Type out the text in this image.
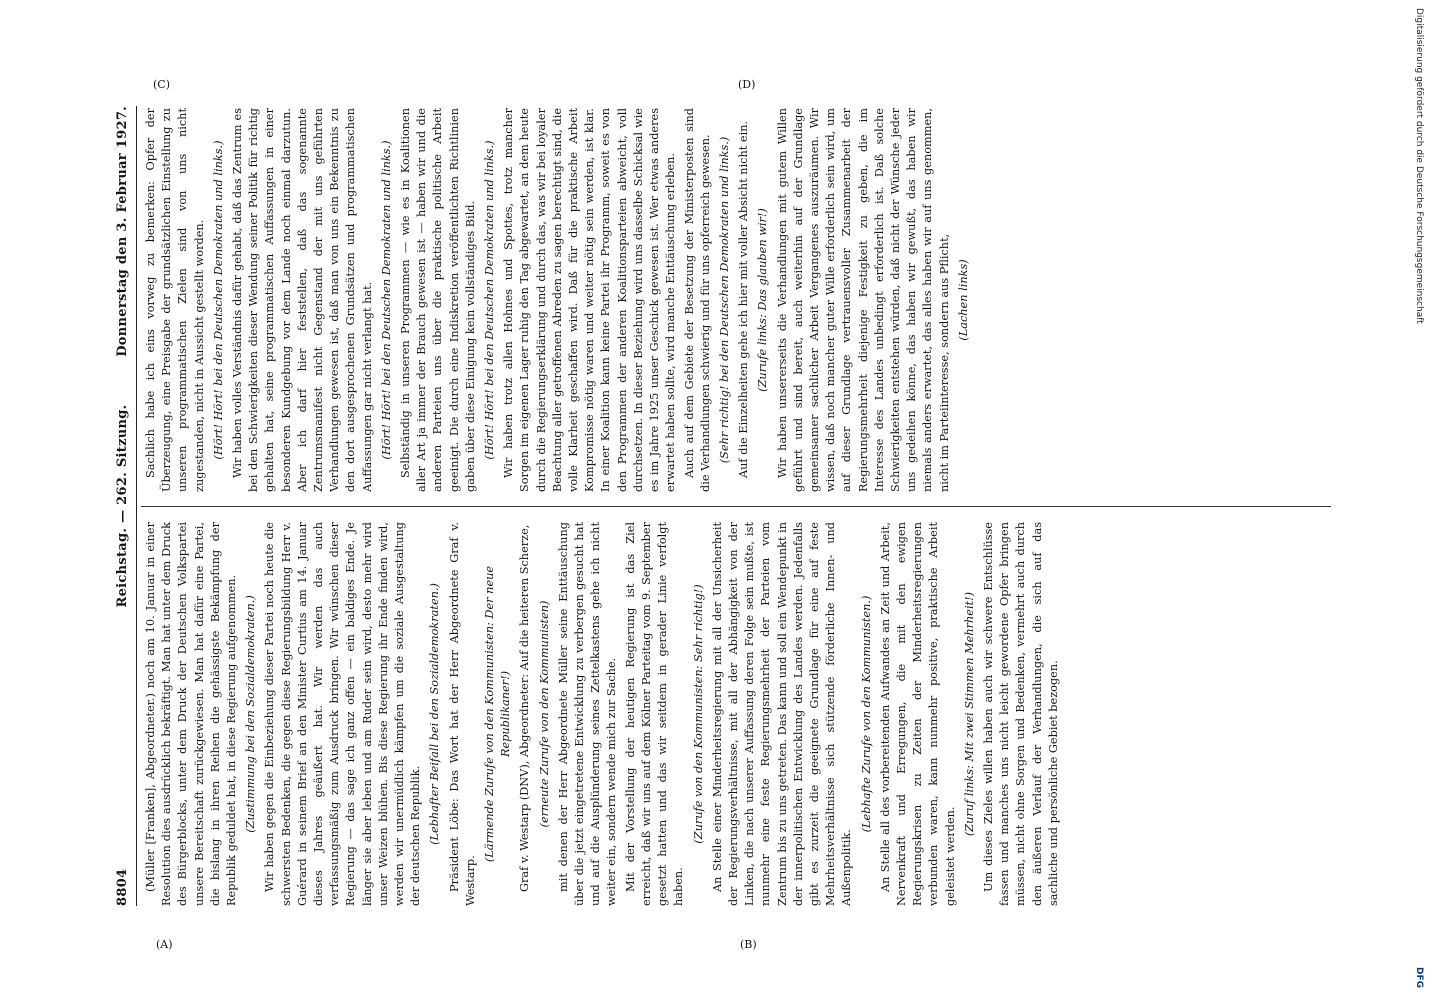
8804
Reichstag. — 262. Sitzung.
Donnerstag den 3. Februar 1927.

(Müller [Franken], Abgeordneter.) noch am 10. Januar in einer Resolution dies ausdrücklich bekräftigt. Man hat unter dem Druck des Bürgerblocks, unter dem Druck der Deutschen Volkspartei unsere Bereitschaft zurückgewiesen. Man hat dafür eine Partei, die bislang in ihren Reihen die gehässigste Bekämpfung der Republik geduldet hat, in diese Regierung aufgenommen. (Zustimmung bei den Sozialdemokraten.) Wir haben gegen die Einbeziehung dieser Partei noch heute die schwersten Bedenken, die gegen diese Regierungsbildung Herr v. Guérard in seinem Brief an den Minister Curtius am 14. Januar dieses Jahres geäußert hat. Wir werden das auch verfassungsmäßig zum Ausdruck bringen. Wir wünschen dieser Regierung — das sage ich ganz offen — ein baldiges Ende. Je länger sie aber leben und am Ruder sein wird, desto mehr wird unser Weizen blühen. Bis diese Regierung ihr Ende finden wird, werden wir unermüdlich kämpfen um die soziale Ausgestaltung der deutschen Republik. (Lebhafter Beifall bei den Sozialdemokraten.) Präsident Löbe: Das Wort hat der Herr Abgeordnete Graf v. Westarp.

(Lärmende Zurufe von den Kommunisten: Der neue Republikaner!) Graf v. Westarp (DNV), Abgeordneter: Auf die heiteren Scherze, (erneute Zurufe von den Kommunisten) mit denen der Herr Abgeordnete Müller seine Enttäuschung über die jetzt eingetretene Entwicklung zu verbergen gesucht hat und auf die Ausplünderung seines Zettelkastens gehe ich nicht weiter ein, sondern wende mich zur Sache. Mit der Vorstellung der heutigen Regierung ist das Ziel erreicht, daß wir uns auf dem Kölner Parteitag vom 9. September gesetzt hatten und das wir seitdem in gerader Linie verfolgt haben.

(Zurufe von den Kommunisten: Sehr richtig!) An Stelle einer Minderheitsregierung mit all der Unsicherheit der Regierungsverhältnisse, mit all der Abhängigkeit von der Linken, die nach unserer Auffassung deren Folge sein mußte, ist nunmehr eine feste Regierungsmehrheit der Parteien vom Zentrum bis zu uns getreten. Das kann und soll ein Wendepunkt in der innerpolitischen Entwicklung des Landes werden. Jedenfalls gibt es zurzeit die geeignete Grundlage für eine auf feste Mehrheitsverhältnisse sich stützende förderliche Innen- und Außenpolitik.

(Lebhafte Zurufe von den Kommunisten.) An Stelle all des vorbereitenden Aufwandes an Zeit und Arbeit, Nervenkraft und Erregungen, die mit den ewigen Regierungskrisen zu Zeiten der Minderheitsregierungen verbunden waren, kann nunmehr positive, praktische Arbeit geleistet werden.

(Zuruf links: Mit zwei Stimmen Mehrheit!) Um dieses Zieles willen haben auch wir schwere Entschlüsse fassen und manches uns nicht leicht gewordene Opfer bringen müssen, nicht ohne Sorgen und Bedenken, vermehrt auch durch den äußeren Verlauf der Verhandlungen, die sich auf das sachliche und persönliche Gebiet bezogen.

Sachlich habe ich eins vorweg zu bemerken: Opfer der Überzeugung, eine Preisgabe der grundsätzlichen Einstellung zu unseren programmatischen Zielen sind von uns nicht zugestanden, nicht in Aussicht gestellt worden. (Hört! Hört! bei den Deutschen Demokraten und links.) Wir haben volles Verständnis dafür gehabt, daß das Zentrum es bei den Schwierigkeiten dieser Wendung seiner Politik für richtig gehalten hat, seine programmatischen Auffassungen in einer besonderen Kundgebung vor dem Lande noch einmal darzutun. Aber ich darf hier feststellen, daß das sogenannte Zentrumsmanifest nicht Gegenstand der mit uns geführten Verhandlungen gewesen ist, daß man von uns ein Bekenntnis zu den dort ausgesprochenen Grundsätzen und programmatischen Auffassungen gar nicht verlangt hat. (Hört! Hört! bei den Deutschen Demokraten und links.) Selbständig in unseren Programmen — wie es in Koalitionen aller Art ja immer der Brauch gewesen ist — haben wir und die anderen Parteien uns über die praktische politische Arbeit geeinigt. Die durch eine Indiskretion veröffentlichten Richtlinien gaben über diese Einigung kein vollständiges Bild. (Hört! Hört! bei den Deutschen Demokraten und links.) Wir haben trotz allen Hohnes und Spottes, trotz mancher Sorgen im eigenen Lager ruhig den Tag abgewartet, an dem heute durch die Regierungserklärung und durch das, was wir bei loyaler Beachtung aller getroffenen Abreden zu sagen berechtigt sind, die volle Klarheit geschaffen wird. Daß für die praktische Arbeit Kompromisse nötig waren und weiter nötig sein werden, ist klar. In einer Koalition kann keine Partei ihr Programm, soweit es von den Programmen der anderen Koalitionsparteien abweicht, voll durchsetzen. In dieser Beziehung wird uns dasselbe Schicksal wie es im Jahre 1925 unser Geschick gewesen ist. Wer etwas anderes erwartet haben sollte, wird manche Enttäuschung erleben. Auch auf dem Gebiete der Besetzung der Ministerposten sind die Verhandlungen schwierig und für uns opferreich gewesen. (Sehr richtig! bei den Deutschen Demokraten und links.) Auf die Einzelheiten gehe ich hier mit voller Absicht nicht ein. (Zurufe links: Das glauben wir!) Wir haben unsererseits die Verhandlungen mit gutem Willen geführt und sind bereit, auch weiterhin auf der Grundlage gemeinsamer sachlicher Arbeit Vergangenes auszuräumen. Wir wissen, daß noch mancher guter Wille erforderlich sein wird, um auf dieser Grundlage vertrauensvoller Zusammenarbeit der Regierungsmehrheit diejenige Festigkeit zu geben, die im Interesse des Landes unbedingt erforderlich ist. Daß solche Schwierigkeiten entstehen würden, daß nicht der Wünsche jeder uns gedeihen könne, das haben wir gewußt, das haben wir niemals anders erwartet, das alles haben wir auf uns genommen, nicht im Parteiinteresse, sondern aus Pflicht, (Lachen links)

(A)	(B)
(C)	(D)	Digitalisierung gefördert durch die Deutsche Forschungsgemeinschaft
DFG
